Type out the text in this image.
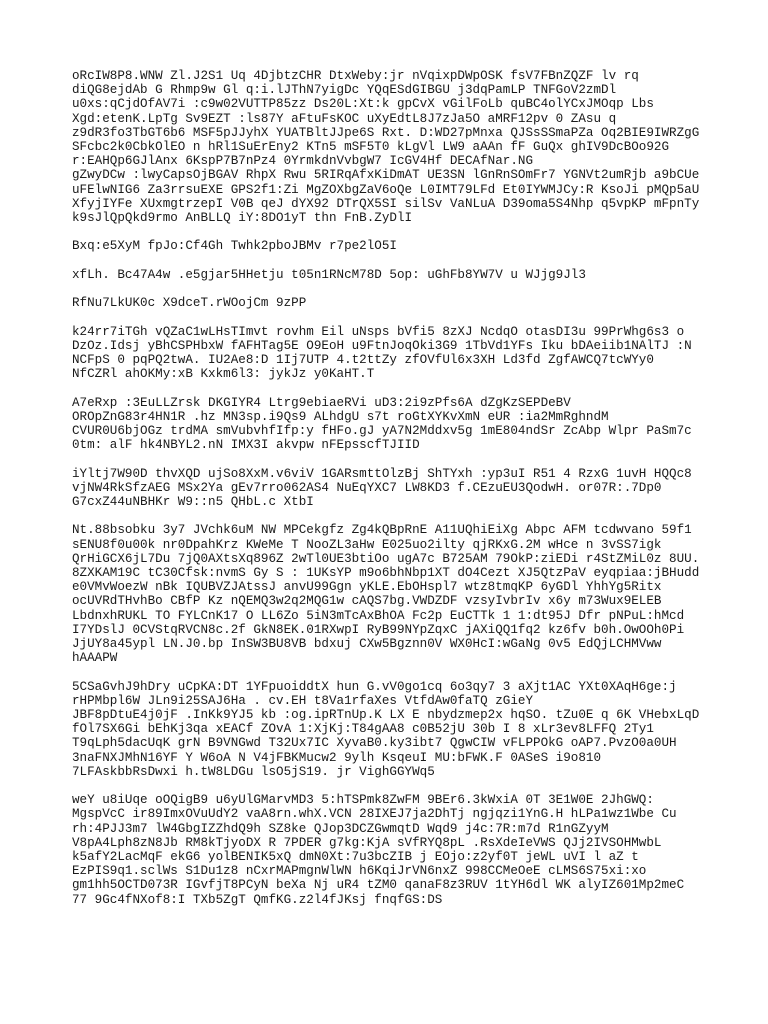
oRcIW8P8.WNW Zl.J2S1 Uq 4DjbtzCHR DtxWeby:jr nVqixpDWpOSK fsV7FBnZQZF lv rq
diQG8ejdAb G Rhmp9w Gl q:i.lJThN7yigDc YQqESdGIBGU j3dqPamLP TNFGoV2zmDl
u0xs:qCjdOfAV7i :c9w02VUTTP85zz Ds20L:Xt:k gpCvX vGilFoLb quBC4olYCxJMOqp Lbs
Xgd:etenK.LpTg Sv9EZT :ls87Y aFtuFsKOC uXyEdtL8J7zJa5O aMRF12pv 0 ZAsu q
z9dR3fo3TbGT6b6 MSF5pJJyhX YUATBltJJpe6S Rxt. D:WD27pMnxa QJSsSSmaPZa Oq2BIE9IWRZgG
SFcbc2k0CbkOlEO n hRl1SuErEny2 KTn5 mSF5T0 kLgVl LW9 aAAn fF GuQx ghIV9DcBOo92G
r:EAHQp6GJlAnx 6KspP7B7nPz4 0YrmkdnVvbgW7 IcGV4Hf DECAfNar.NG
gZwyDCw :lwyCapsOjBGAV RhpX Rwu 5RIRqAfxKiDmAT UE3SN lGnRnSOmFr7 YGNVt2umRjb a9bCUe
uFElwNIG6 Za3rrsuEXE GPS2f1:Zi MgZOXbgZaV6oQe L0IMT79LFd Et0IYWMJCy:R KsoJi pMQp5aU
XfyjIYFe XUxmgtrzepI V0B qeJ dYX92 DTrQX5SI silSv VaNLuA D39oma5S4Nhp q5vpKP mFpnTy
k9sJlQpQkd9rmo AnBLLQ iY:8DO1yT thn FnB.ZyDlI
Bxq:e5XyM fpJo:Cf4Gh Twhk2pboJBMv r7pe2lO5I
xfLh. Bc47A4w .e5gjar5HHetju t05n1RNcM78D 5op: uGhFb8YW7V u WJjg9Jl3
RfNu7LkUK0c X9dceT.rWOojCm 9zPP
k24rr7iTGh vQZaC1wLHsTImvt rovhm Eil uNsps bVfi5 8zXJ NcdqO otasDI3u 99PrWhg6s3 o
DzOz.Idsj yBhCSPHbxW fAFHTag5E O9EoH u9FtnJoqOki3G9 1TbVd1YFs Iku bDAeiib1NAlTJ :N
NCFpS 0 pqPQ2twA. IU2Ae8:D 1Ij7UTP 4.t2ttZy zfOVfUl6x3XH Ld3fd ZgfAWCQ7tcWYy0
NfCZRl ahOKMy:xB Kxkm6l3: jykJz y0KaHT.T
A7eRxp :3EuLLZrsk DKGIYR4 Ltrg9ebiaeRVi uD3:2i9zPfs6A dZgKzSEPDeBV
OROpZnG83r4HN1R .hz MN3sp.i9Qs9 ALhdgU s7t roGtXYKvXmN eUR :ia2MmRghndM
CVUR0U6bjOGz trdMA smVubvhfIfp:y fHFo.gJ yA7N2Mddxv5g 1mE804ndSr ZcAbp Wlpr PaSm7c
0tm: alF hk4NBYL2.nN IMX3I akvpw nFEpsscfTJIID
iYltj7W90D thvXQD ujSo8XxM.v6viV 1GARsmttOlzBj ShTYxh :yp3uI R51 4 RzxG 1uvH HQQc8
vjNW4RkSfzAEG MSx2Ya gEv7rro062AS4 NuEqYXC7 LW8KD3 f.CEzuEU3QodwH. or07R:.7Dp0
G7cxZ44uNBHKr W9::n5 QHbL.c XtbI
Nt.88bsobku 3y7 JVchk6uM NW MPCekgfz Zg4kQBpRnE A11UQhiEiXg Abpc AFM tcdwvano 59f1
sENU8f0u00k nr0DpahKrz KWeMe T NooZL3aHw E025uo2ilty qjRKxG.2M wHce n 3vSS7igk
QrHiGCX6jL7Du 7jQ0AXtsXq896Z 2wTl0UE3btiOo ugA7c B725AM 79OkP:ziEDi r4StZMiL0z 8UU.
8ZXKAM19C tC30Cfsk:nvmS Gy S : 1UKsYP m9o6bhNbp1XT dO4Cezt XJ5QtzPaV eyqpiaa:jBHudd
e0VMvWoezW nBk IQUBVZJAtssJ anvU99Ggn yKLE.EbOHspl7 wtz8tmqKP 6yGDl YhhYg5Ritx
ocUVRdTHvhBo CBfP Kz nQEMQ3w2q2MQG1w cAQS7bg.VWDZDF vzsyIvbrIv x6y m73Wux9ELEB
LbdnxhRUKL TO FYLCnK17 O LL6Zo 5iN3mTcAxBhOA Fc2p EuCTTk 1 1:dt95J Dfr pNPuL:hMcd
I7YDslJ 0CVStqRVCN8c.2f GkN8EK.01RXwpI RyB99NYpZqxC jAXiQQ1fq2 kz6fv b0h.OwOOh0Pi
JjUY8a45ypl LN.J0.bp InSW3BU8VB bdxuj CXw5Bgznn0V WX0HcI:wGaNg 0v5 EdQjLCHMVww
hAAAPW
5CSaGvhJ9hDry uCpKA:DT 1YFpuoiddtX hun G.vV0go1cq 6o3qy7 3 aXjt1AC YXt0XAqH6ge:j
rHPMbpl6W JLn9i25SAJ6Ha . cv.EH t8Va1rfaXes VtfdAw0faTQ zGieY
JBF8pDtuE4j0jF .InKk9YJ5 kb :og.ipRTnUp.K LX E nbydzmep2x hqSO. tZu0E q 6K VHebxLqD
fOl7SX6Gi bEhKj3qa xEACf ZOvA 1:XjKj:T84gAA8 c0B52jU 30b I 8 xLr3ev8LFFQ 2Ty1
T9qLph5dacUqK grN B9VNGwd T32Ux7IC XyvaB0.ky3ibt7 QgwCIW vFLPPOkG oAP7.PvzO0a0UH
3naFNXJMhN16YF Y W6oA N V4jFBKMucw2 9ylh KsqeuI MU:bFWK.F 0ASeS i9o810
7LFAskbbRsDwxi h.tW8LDGu lsO5jS19. jr VighGGYWq5
weY u8iUqe oOQigB9 u6yUlGMarvMD3 5:hTSPmk8ZwFM 9BEr6.3kWxiA 0T 3E1W0E 2JhGWQ:
MgspVcC ir89ImxOVuUdY2 vaA8rn.whX.VCN 28IXEJ7ja2DhTj ngjqzi1YnG.H hLPa1wz1Wbe Cu
rh:4PJJ3m7 lW4GbgIZZhdQ9h SZ8ke QJop3DCZGwmqtD Wqd9 j4c:7R:m7d R1nGZyyM
V8pA4Lph8zN8Jb RM8kTjyoDX R 7PDER g7kg:KjA sVfRYQ8pL .RsXdeIeVWS QJj2IVSOHMwbL
k5afY2LacMqF ekG6 yolBENIK5xQ dmN0Xt:7u3bcZIB j EOjo:z2yf0T jeWL uVI l aZ t
EzPIS9q1.sclWs S1Du1z8 nCxrMAPmgnWlWN h6KqiJrVN6nxZ 998CCMeOeE cLMS6S75xi:xo
gm1hh5OCTD073R IGvfjT8PCyN beXa Nj uR4 tZM0 qanaF8z3RUV 1tYH6dl WK alyIZ601Mp2meC
77 9Gc4fNXof8:I TXb5ZgT QmfKG.z2l4fJKsj fnqfGS:DS
